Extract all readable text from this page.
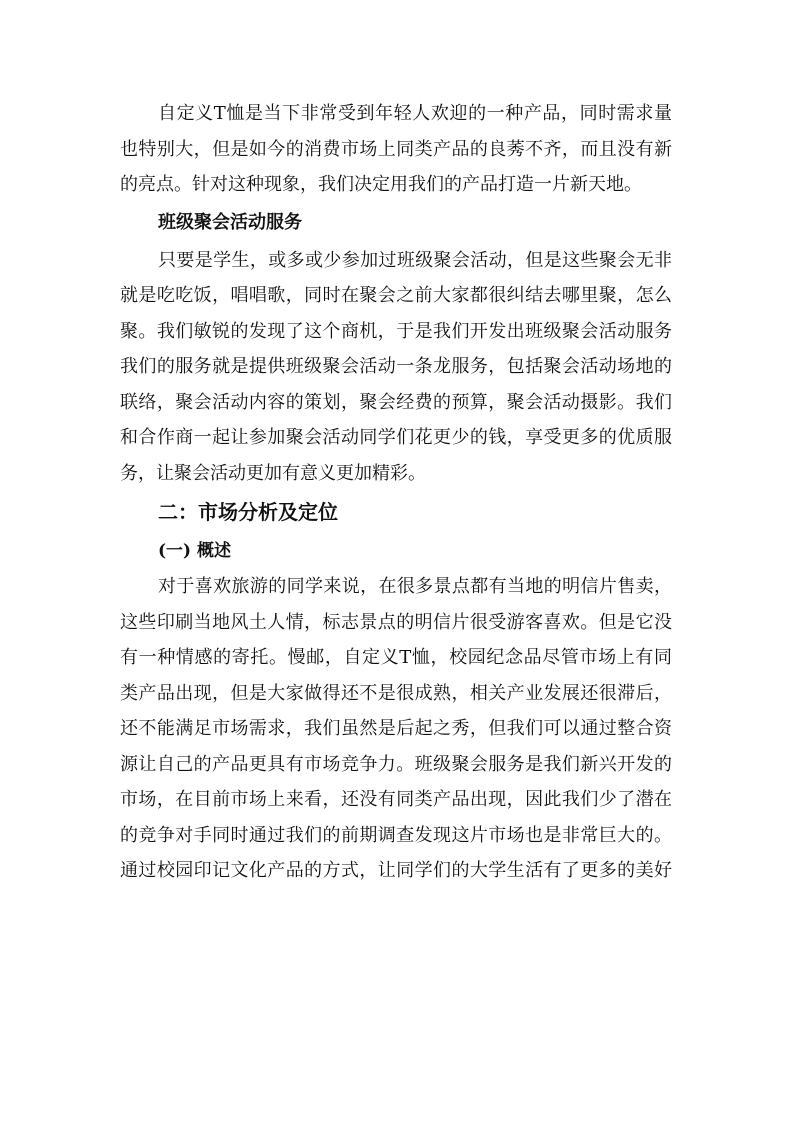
自定义T恤是当下非常受到年轻人欢迎的一种产品，同时需求量
也特别大，但是如今的消费市场上同类产品的良莠不齐，而且没有新
的亮点。针对这种现象，我们决定用我们的产品打造一片新天地。
班级聚会活动服务
只要是学生，或多或少参加过班级聚会活动，但是这些聚会无非
就是吃吃饭，唱唱歌，同时在聚会之前大家都很纠结去哪里聚，怎么
聚。我们敏锐的发现了这个商机，于是我们开发出班级聚会活动服务
我们的服务就是提供班级聚会活动一条龙服务，包括聚会活动场地的
联络，聚会活动内容的策划，聚会经费的预算，聚会活动摄影。我们
和合作商一起让参加聚会活动同学们花更少的钱，享受更多的优质服
务，让聚会活动更加有意义更加精彩。
二：市场分析及定位
(一) 概述
对于喜欢旅游的同学来说，在很多景点都有当地的明信片售卖，
这些印刷当地风土人情，标志景点的明信片很受游客喜欢。但是它没
有一种情感的寄托。慢邮，自定义T恤，校园纪念品尽管市场上有同
类产品出现，但是大家做得还不是很成熟，相关产业发展还很滞后，
还不能满足市场需求，我们虽然是后起之秀，但我们可以通过整合资
源让自己的产品更具有市场竞争力。班级聚会服务是我们新兴开发的
市场，在目前市场上来看，还没有同类产品出现，因此我们少了潜在
的竞争对手同时通过我们的前期调查发现这片市场也是非常巨大的。
通过校园印记文化产品的方式，让同学们的大学生活有了更多的美好
